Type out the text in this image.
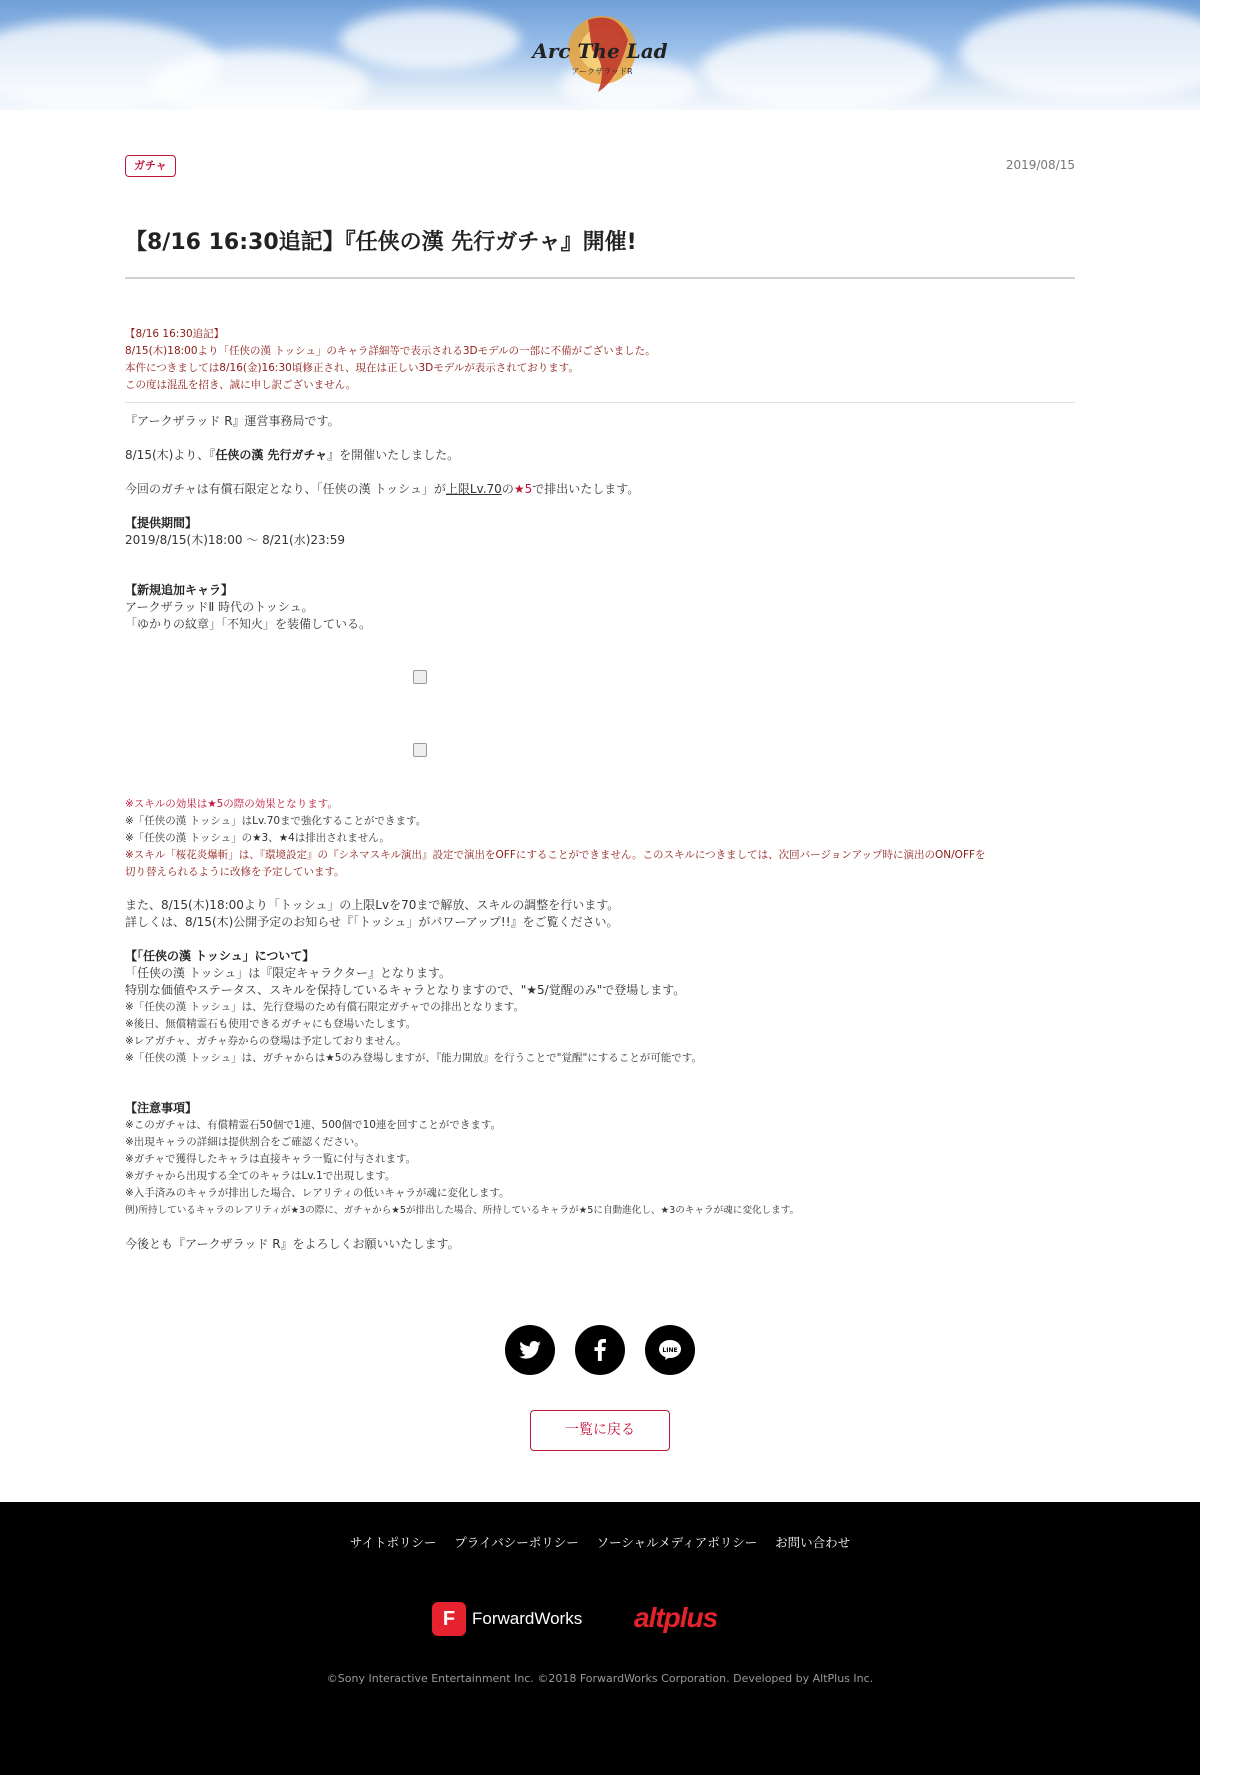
Arc The Lad
アークザラッドR
ガチャ	2019/08/15
【8/16 16:30追記】『任侠の漢 先行ガチャ』開催!
【8/16 16:30追記】
8/15(木)18:00より「任侠の漢 トッシュ」のキャラ詳細等で表示される3Dモデルの一部に不備がございました。
本件につきましては8/16(金)16:30頃修正され、現在は正しい3Dモデルが表示されております。
この度は混乱を招き、誠に申し訳ございません。
『アークザラッド R』運営事務局です。
8/15(木)より、『任侠の漢 先行ガチャ』を開催いたしました。
今回のガチャは有償石限定となり、「任侠の漢 トッシュ」が上限Lv.70の★5で排出いたします。
【提供期間】
2019/8/15(木)18:00 〜 8/21(水)23:59
【新規追加キャラ】
アークザラッドⅡ 時代のトッシュ。
「ゆかりの紋章」「不知火」を装備している。
※スキルの効果は★5の際の効果となります。
※「任侠の漢 トッシュ」はLv.70まで強化することができます。
※「任侠の漢 トッシュ」の★3、★4は排出されません。
※スキル「桜花炎爆斬」は、『環境設定』の『シネマスキル演出』設定で演出をOFFにすることができません。このスキルにつきましては、次回バージョンアップ時に演出のON/OFFを
切り替えられるように改修を予定しています。
また、8/15(木)18:00より「トッシュ」の上限Lvを70まで解放、スキルの調整を行います。
詳しくは、8/15(木)公開予定のお知らせ『「トッシュ」がパワーアップ!!』をご覧ください。
【「任侠の漢 トッシュ」について】
「任侠の漢 トッシュ」は『限定キャラクター』となります。
特別な価値やステータス、スキルを保持しているキャラとなりますので、"★5/覚醒のみ"で登場します。
※「任侠の漢 トッシュ」は、先行登場のため有償石限定ガチャでの排出となります。
※後日、無償精霊石も使用できるガチャにも登場いたします。
※レアガチャ、ガチャ券からの登場は予定しておりません。
※「任侠の漢 トッシュ」は、ガチャからは★5のみ登場しますが、『能力開放』を行うことで"覚醒"にすることが可能です。
【注意事項】
※このガチャは、有償精霊石50個で1連、500個で10連を回すことができます。
※出現キャラの詳細は提供割合をご確認ください。
※ガチャで獲得したキャラは直接キャラ一覧に付与されます。
※ガチャから出現する全てのキャラはLv.1で出現します。
※入手済みのキャラが排出した場合、レアリティの低いキャラが魂に変化します。
例)所持しているキャラのレアリティが★3の際に、ガチャから★5が排出した場合、所持しているキャラが★5に自動進化し、★3のキャラが魂に変化します。
今後とも『アークザラッド R』をよろしくお願いいたします。
LINE
一覧に戻る
サイトポリシー プライバシーポリシー ソーシャルメディアポリシー お問い合わせ
F ForwardWorks altplus
©Sony Interactive Entertainment Inc. ©2018 ForwardWorks Corporation. Developed by AltPlus Inc.
